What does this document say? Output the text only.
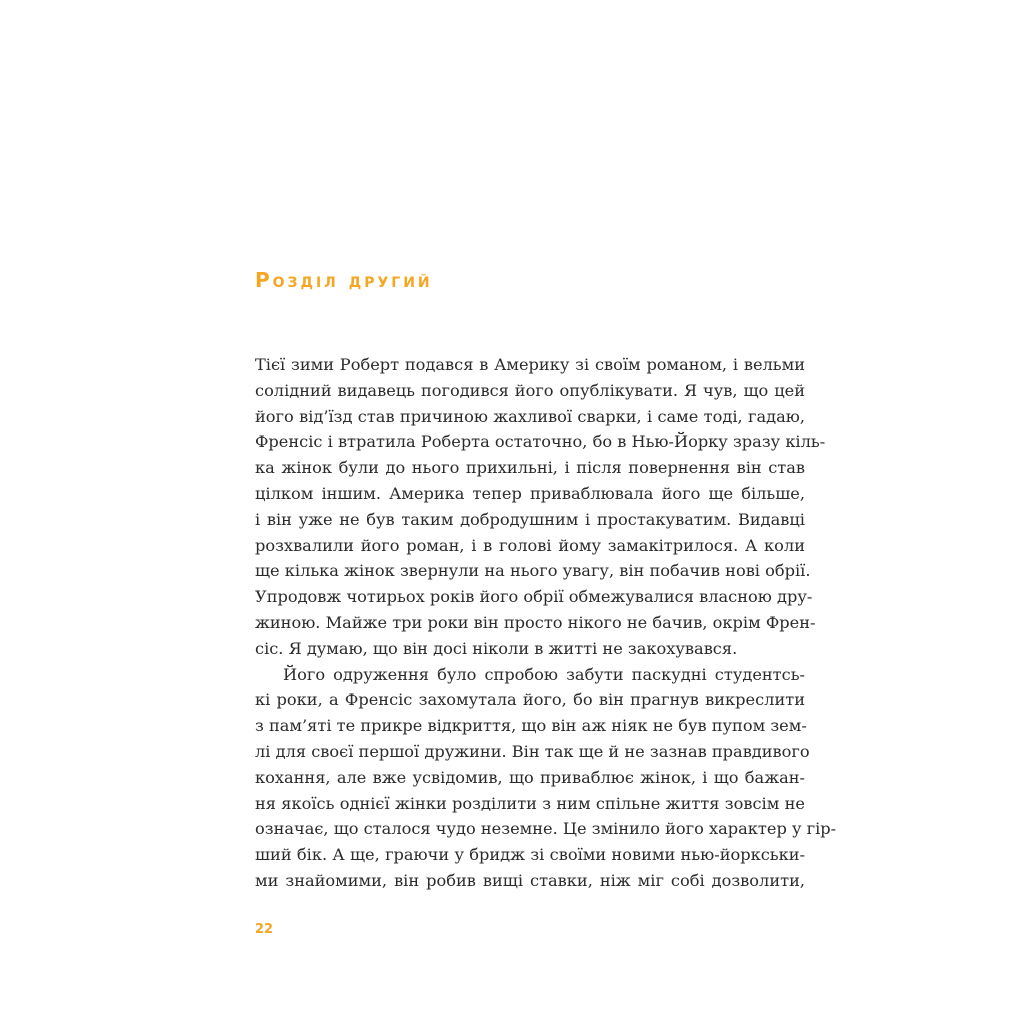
Розділ другий
Тієї зими Роберт подався в Америку зі своїм романом, і вельми
солідний видавець погодився його опублікувати. Я чув, що цей
його від’їзд став причиною жахливої сварки, і саме тоді, гадаю,
Френсіс і втратила Роберта остаточно, бо в Нью-Йорку зразу кіль-
ка жінок були до нього прихильні, і після повернення він став
цілком іншим. Америка тепер приваблювала його ще більше,
і він уже не був таким добродушним і простакуватим. Видавці
розхвалили його роман, і в голові йому замакітрилося. А коли
ще кілька жінок звернули на нього увагу, він побачив нові обрії.
Упродовж чотирьох років його обрії обмежувалися власною дру-
жиною. Майже три роки він просто нікого не бачив, окрім Френ-
сіс. Я думаю, що він досі ніколи в житті не закохувався.
Його одруження було спробою забути паскудні студентсь-
кі роки, а Френсіс захомутала його, бо він прагнув викреслити
з пам’яті те прикре відкриття, що він аж ніяк не був пупом зем-
лі для своєї першої дружини. Він так ще й не зазнав правдивого
кохання, але вже усвідомив, що приваблює жінок, і що бажан-
ня якоїсь однієї жінки розділити з ним спільне життя зовсім не
означає, що сталося чудо неземне. Це змінило його характер у гір-
ший бік. А ще, граючи у бридж зі своїми новими нью-йоркськи-
ми знайомими, він робив вищі ставки, ніж міг собі дозволити,
22
